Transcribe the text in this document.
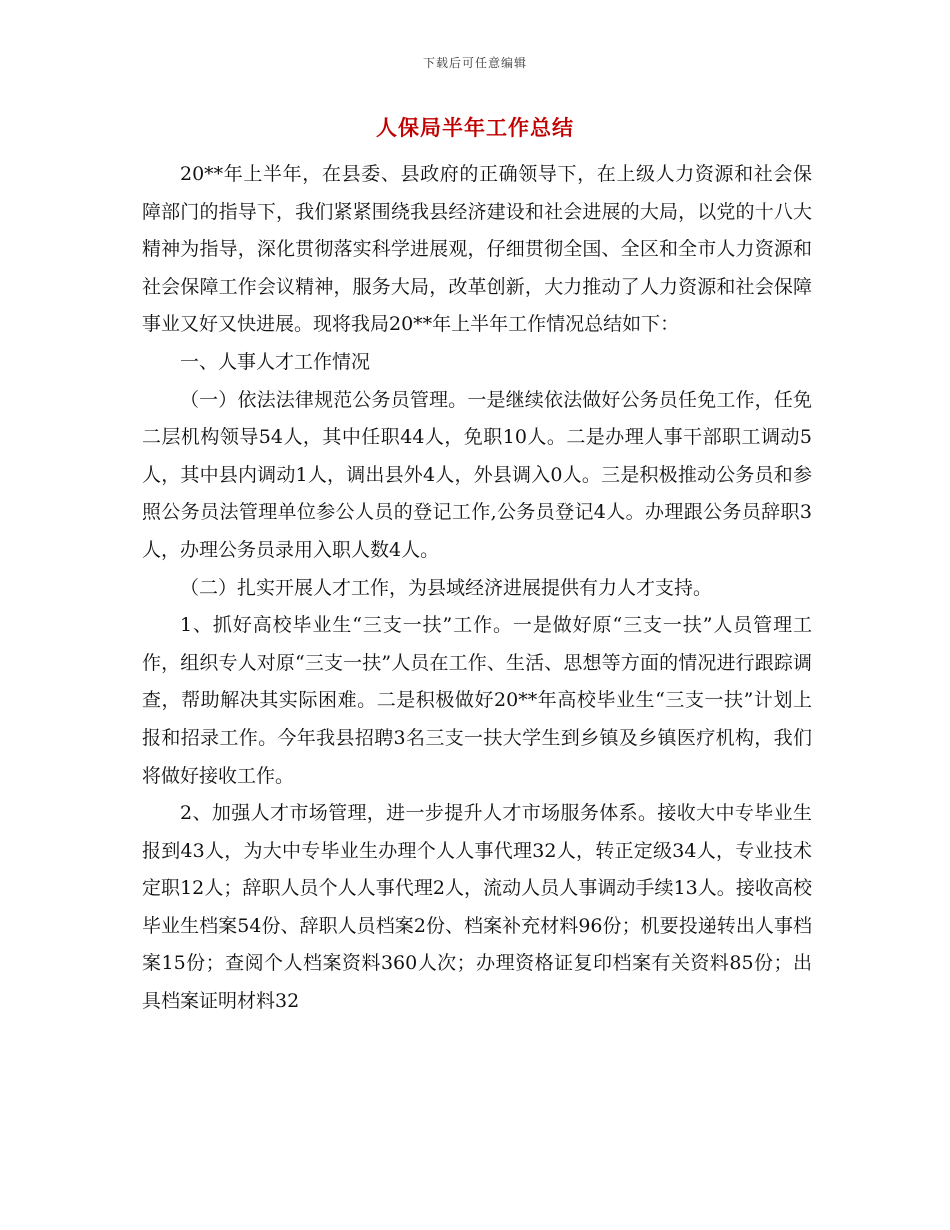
下载后可任意编辑
人保局半年工作总结

20**年上半年，在县委、县政府的正确领导下，在上级人力资源和社会保障部门的指导下，我们紧紧围绕我县经济建设和社会进展的大局，以党的十八大精神为指导，深化贯彻落实科学进展观，仔细贯彻全国、全区和全市人力资源和社会保障工作会议精神，服务大局，改革创新，大力推动了人力资源和社会保障事业又好又快进展。现将我局20**年上半年工作情况总结如下：

一、人事人才工作情况

（一）依法法律规范公务员管理。一是继续依法做好公务员任免工作，任免二层机构领导54人，其中任职44人，免职10人。二是办理人事干部职工调动5人，其中县内调动1人，调出县外4人，外县调入0人。三是积极推动公务员和参照公务员法管理单位参公人员的登记工作,公务员登记4人。办理跟公务员辞职3人，办理公务员录用入职人数4人。

（二）扎实开展人才工作，为县域经济进展提供有力人才支持。

1、抓好高校毕业生“三支一扶”工作。一是做好原“三支一扶”人员管理工作，组织专人对原“三支一扶”人员在工作、生活、思想等方面的情况进行跟踪调查，帮助解决其实际困难。二是积极做好20**年高校毕业生“三支一扶”计划上报和招录工作。今年我县招聘3名三支一扶大学生到乡镇及乡镇医疗机构，我们将做好接收工作。

2、加强人才市场管理，进一步提升人才市场服务体系。接收大中专毕业生报到43人，为大中专毕业生办理个人人事代理32人，转正定级34人，专业技术定职12人；辞职人员个人人事代理2人，流动人员人事调动手续13人。接收高校毕业生档案54份、辞职人员档案2份、档案补充材料96份；机要投递转出人事档案15份；查阅个人档案资料360人次；办理资格证复印档案有关资料85份；出具档案证明材料32
